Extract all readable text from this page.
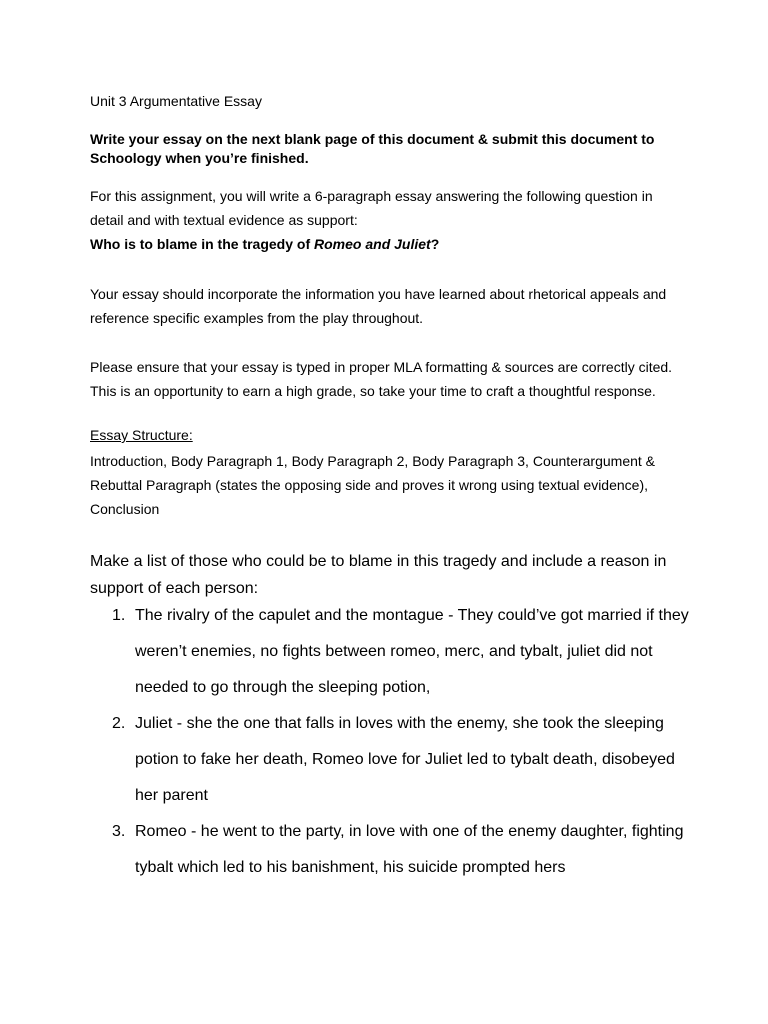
Unit 3 Argumentative Essay

Write your essay on the next blank page of this document & submit this document to Schoology when you’re finished.

For this assignment, you will write a 6-paragraph essay answering the following question in detail and with textual evidence as support:

Who is to blame in the tragedy of Romeo and Juliet?

Your essay should incorporate the information you have learned about rhetorical appeals and reference specific examples from the play throughout.

Please ensure that your essay is typed in proper MLA formatting & sources are correctly cited. This is an opportunity to earn a high grade, so take your time to craft a thoughtful response.

Essay Structure:

Introduction, Body Paragraph 1, Body Paragraph 2, Body Paragraph 3, Counterargument & Rebuttal Paragraph (states the opposing side and proves it wrong using textual evidence), Conclusion

Make a list of those who could be to blame in this tragedy and include a reason in support of each person:

1. The rivalry of the capulet and the montague - They could’ve got married if they weren’t enemies, no fights between romeo, merc, and tybalt, juliet did not needed to go through the sleeping potion,
2. Juliet - she the one that falls in loves with the enemy, she took the sleeping potion to fake her death, Romeo love for Juliet led to tybalt death, disobeyed her parent
3. Romeo - he went to the party, in love with one of the enemy daughter, fighting tybalt which led to his banishment, his suicide prompted hers
